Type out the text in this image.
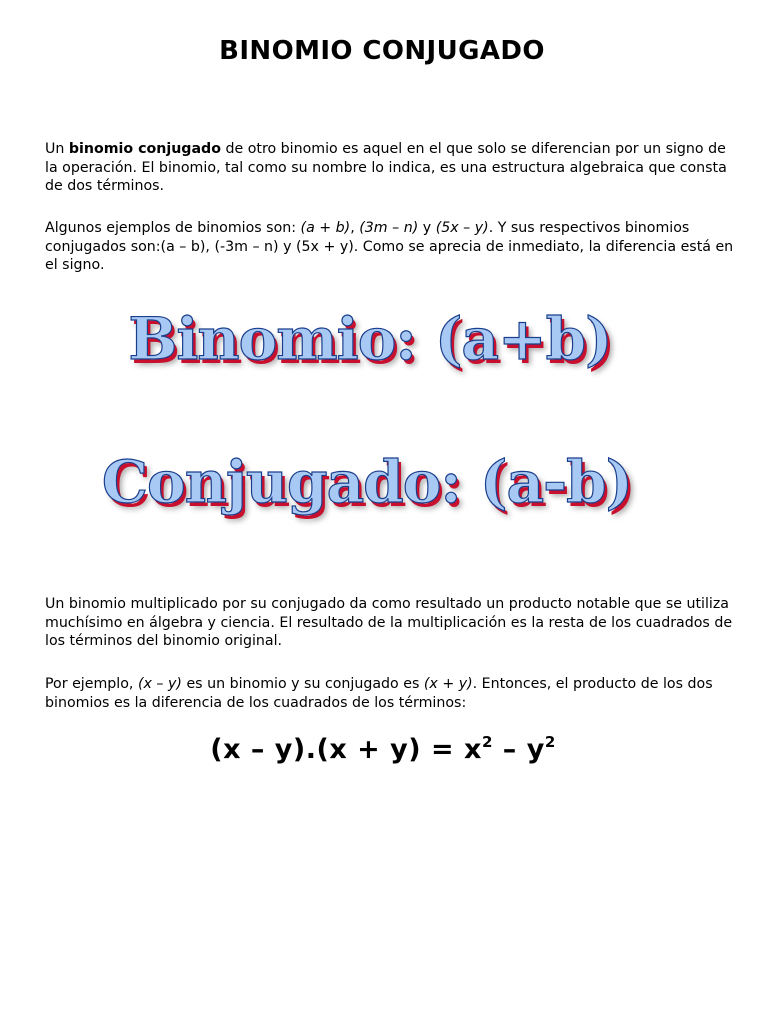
BINOMIO CONJUGADO

Un binomio conjugado de otro binomio es aquel en el que solo se diferencian por un signo de la operación. El binomio, tal como su nombre lo indica, es una estructura algebraica que consta de dos términos.

Algunos ejemplos de binomios son: (a + b), (3m – n) y (5x – y). Y sus respectivos binomios conjugados son:(a – b), (-3m – n) y (5x + y). Como se aprecia de inmediato, la diferencia está en el signo.

Binomio: (a+b)
Conjugado: (a-b)

Un binomio multiplicado por su conjugado da como resultado un producto notable que se utiliza muchísimo en álgebra y ciencia. El resultado de la multiplicación es la resta de los cuadrados de los términos del binomio original.

Por ejemplo, (x – y) es un binomio y su conjugado es (x + y). Entonces, el producto de los dos binomios es la diferencia de los cuadrados de los términos:

$(x - y).(x + y) = x^2 - y^2$
